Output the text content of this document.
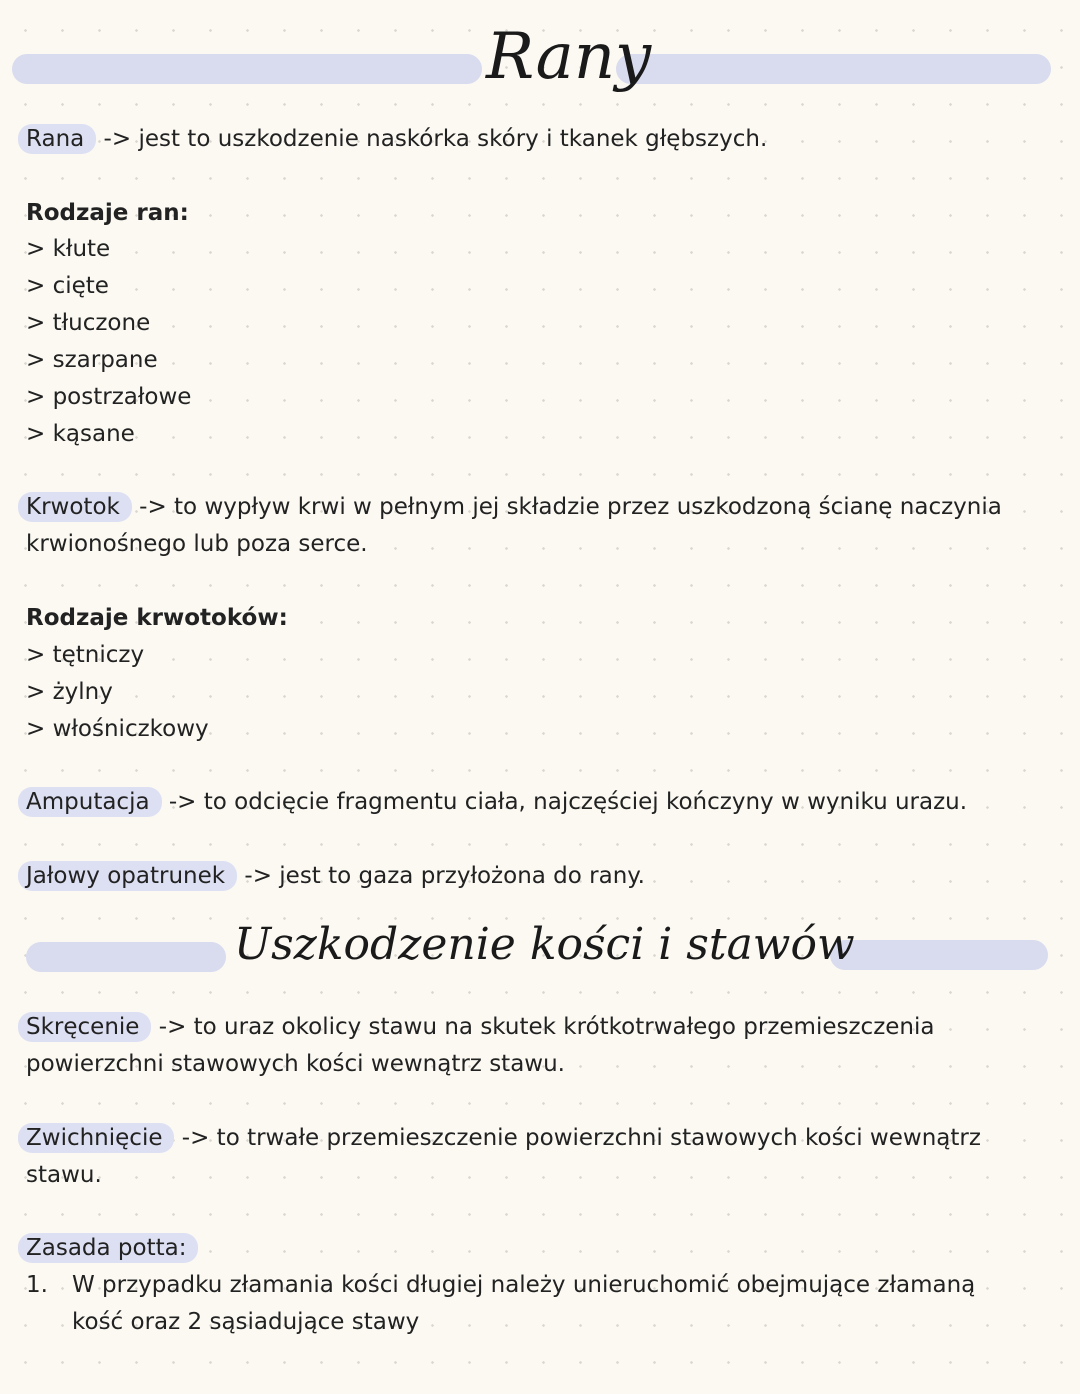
Rany
Rana -> jest to uszkodzenie naskórka skóry i tkanek głębszych.
Rodzaje ran:
> kłute
> cięte
> tłuczone
> szarpane
> postrzałowe
> kąsane
Krwotok -> to wypływ krwi w pełnym jej składzie przez uszkodzoną ścianę naczynia
krwionośnego lub poza serce.
Rodzaje krwotoków:
> tętniczy
> żylny
> włośniczkowy
Amputacja -> to odcięcie fragmentu ciała, najczęściej kończyny w wyniku urazu.
Jałowy opatrunek -> jest to gaza przyłożona do rany.
Uszkodzenie kości i stawów
Skręcenie -> to uraz okolicy stawu na skutek krótkotrwałego przemieszczenia
powierzchni stawowych kości wewnątrz stawu.
Zwichnięcie -> to trwałe przemieszczenie powierzchni stawowych kości wewnątrz
stawu.
Zasada potta:
1. W przypadku złamania kości długiej należy unieruchomić obejmujące złamaną
kość oraz 2 sąsiadujące stawy
